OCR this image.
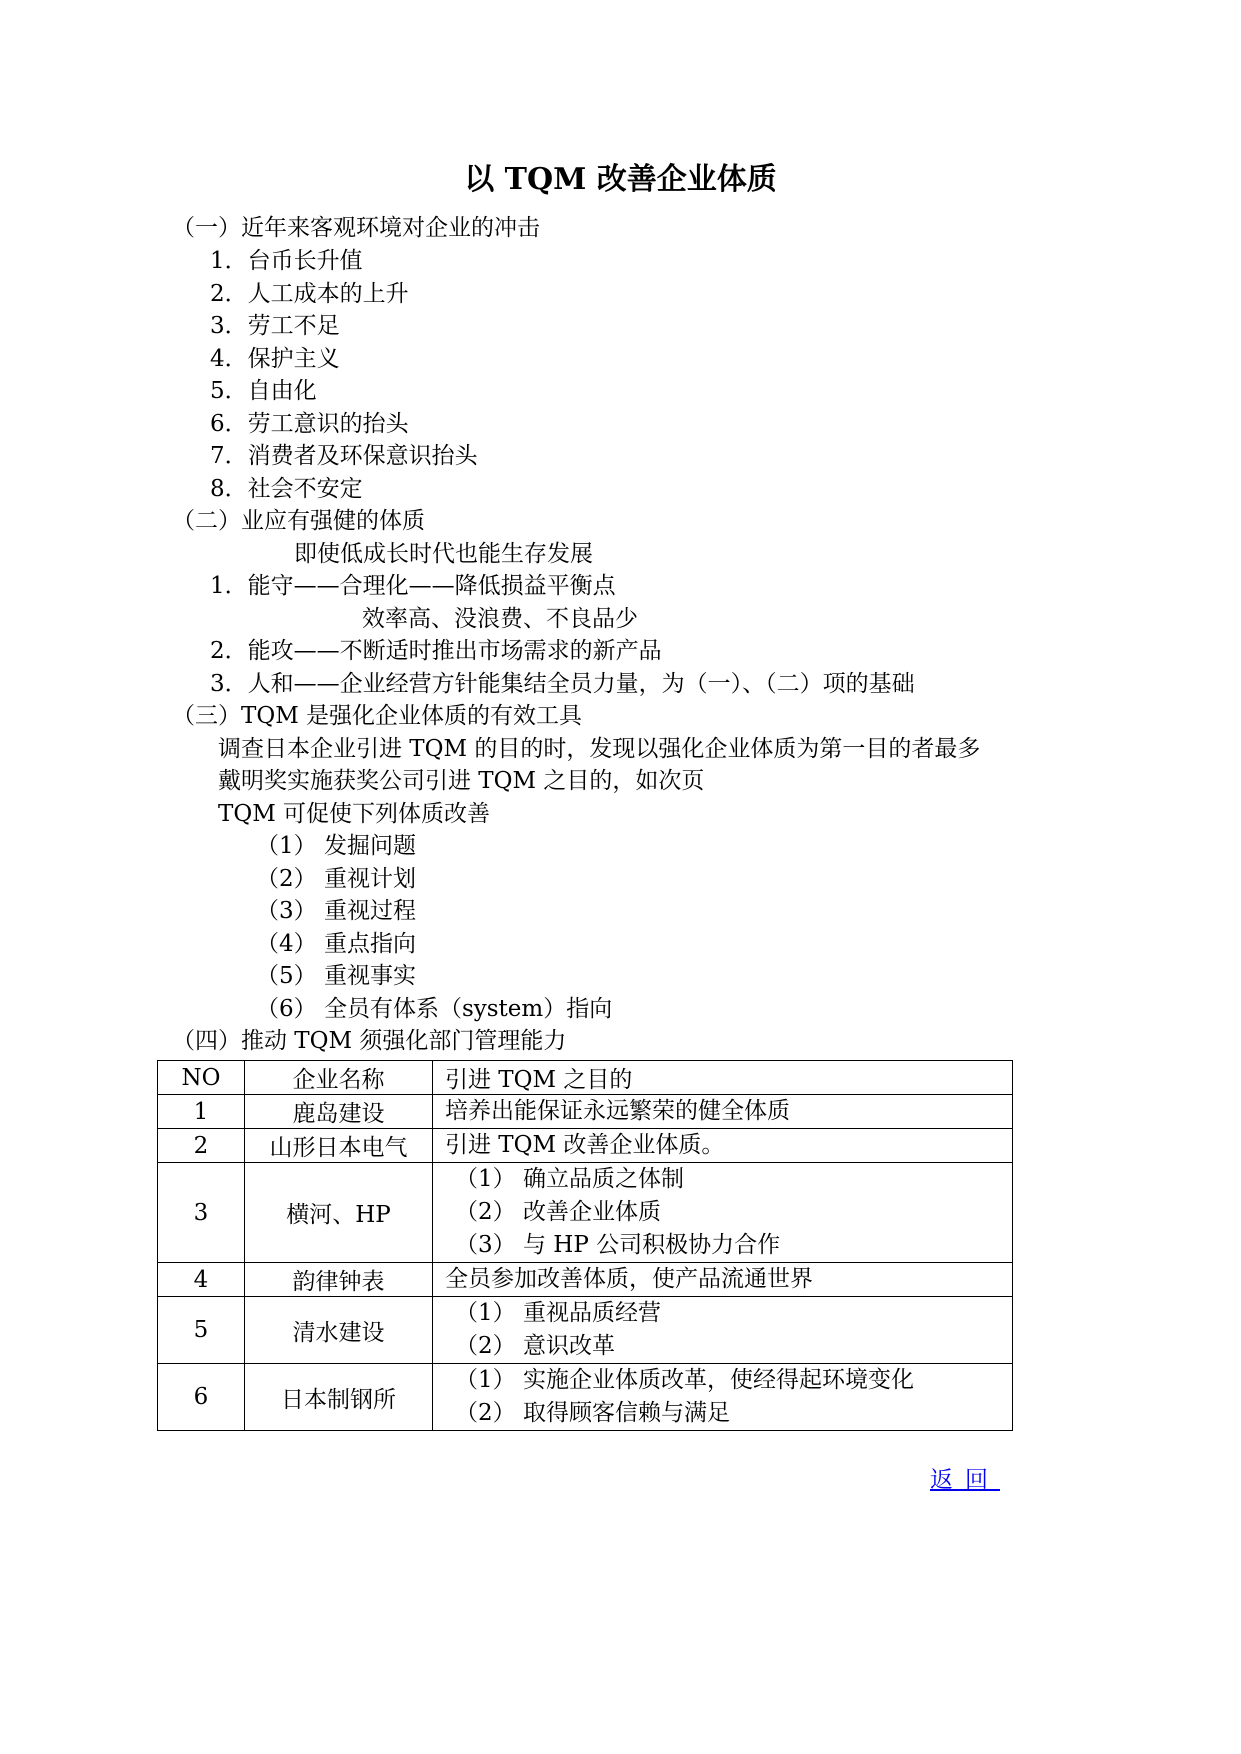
以 TQM 改善企业体质
（一）近年来客观环境对企业的冲击
1．台币长升值
2．人工成本的上升
3．劳工不足
4．保护主义
5．自由化
6．劳工意识的抬头
7．消费者及环保意识抬头
8．社会不安定
（二）业应有强健的体质
即使低成长时代也能生存发展
1．能守——合理化——降低损益平衡点
效率高、没浪费、不良品少
2．能攻——不断适时推出市场需求的新产品
3．人和——企业经营方针能集结全员力量，为（一）、（二）项的基础
（三）TQM 是强化企业体质的有效工具
调查日本企业引进 TQM 的目的时，发现以强化企业体质为第一目的者最多
戴明奖实施获奖公司引进 TQM 之目的，如次页
TQM 可促使下列体质改善
（1） 发掘问题
（2） 重视计划
（3） 重视过程
（4） 重点指向
（5） 重视事实
（6） 全员有体系（system）指向
（四）推动 TQM 须强化部门管理能力
NO	企业名称	引进 TQM 之目的
1	鹿岛建设	培养出能保证永远繁荣的健全体质

2	山形日本电气	引进 TQM 改善企业体质。

3	横河、HP	（1） 确立品质之体制
（2） 改善企业体质
（3） 与 HP 公司积极协力合作

4	韵律钟表	全员参加改善体质，使产品流通世界

5	清水建设	（1） 重视品质经营
（2） 意识改革

6	日本制钢所	（1） 实施企业体质改革，使经得起环境变化
（2） 取得顾客信赖与满足
返回
